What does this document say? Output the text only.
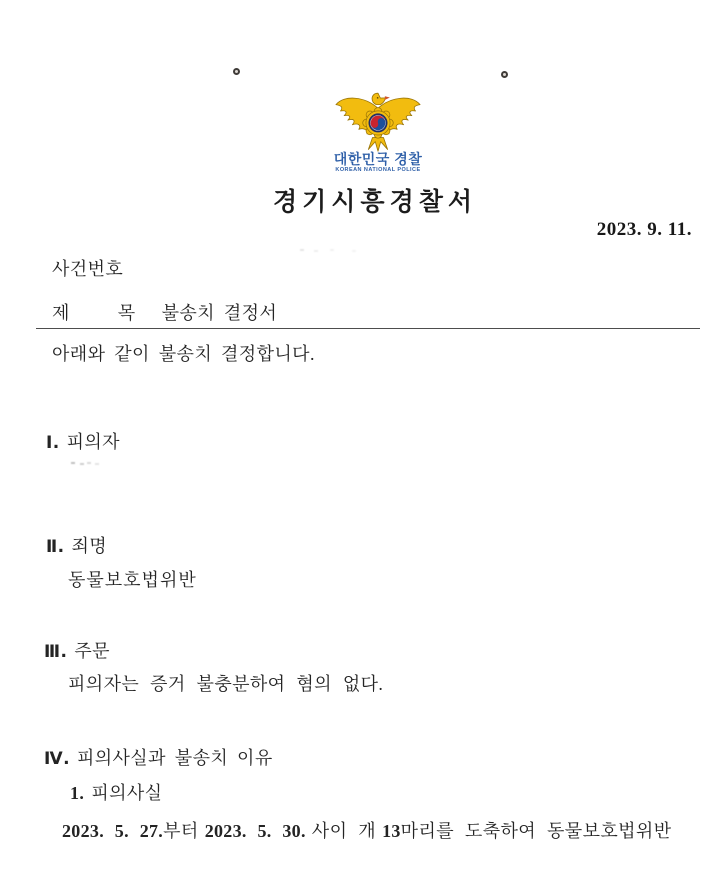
대한민국 경찰
KOREAN NATIONAL POLICE
경기시흥경찰서
2023. 9. 11.
사건번호
제	목 불송치 결정서
아래와 같이 불송치 결정합니다.
Ⅰ. 피의자
Ⅱ. 죄명
동물보호법위반
Ⅲ. 주문
피의자는 증거 불충분하여 혐의 없다.
Ⅳ. 피의사실과 불송치 이유
1. 피의사실
2023. 5. 27.부터 2023. 5. 30. 사이 개 13마리를 도축하여 동물보호법위반
